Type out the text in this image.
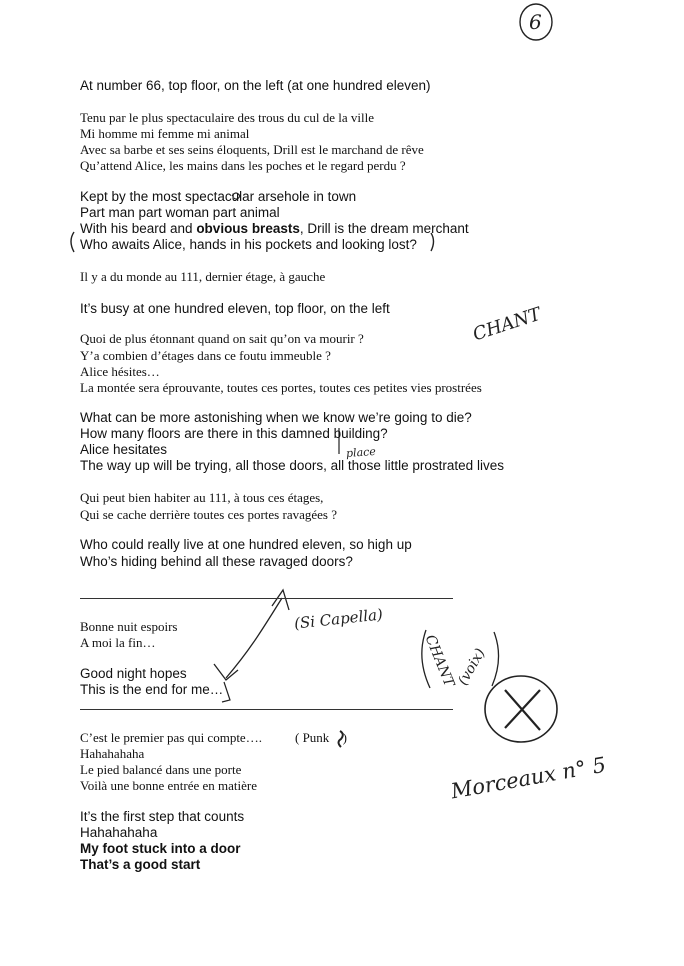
6
At number 66, top floor, on the left (at one hundred eleven)
Tenu par le plus spectaculaire des trous du cul de la ville
Mi homme mi femme mi animal
Avec sa barbe et ses seins éloquents, Drill est le marchand de rêve
Qu’attend Alice, les mains dans les poches et le regard perdu ?
Kept by the most spectacular arsehole in town
Part man part woman part animal
With his beard and obvious breasts, Drill is the dream merchant
Who awaits Alice, hands in his pockets and looking lost?
Il y a du monde au 111, dernier étage, à gauche
It’s busy at one hundred eleven, top floor, on the left
Quoi de plus étonnant quand on sait qu’on va mourir ?
Y’a combien d’étages dans ce foutu immeuble ?
Alice hésites…
La montée sera éprouvante, toutes ces portes, toutes ces petites vies prostrées
What can be more astonishing when we know we’re going to die?
How many floors are there in this damned building?
Alice hesitates
The way up will be trying, all those doors, all those little prostrated lives
Qui peut bien habiter au 111, à tous ces étages,
Qui se cache derrière toutes ces portes ravagées ?
Who could really live at one hundred eleven, so high up
Who’s hiding behind all these ravaged doors?
Bonne nuit espoirs
A moi la fin…
Good night hopes
This is the end for me…
C’est le premier pas qui compte….	( Punk )
Hahahahaha
Le pied balancé dans une porte
Voilà une bonne entrée en matière
It’s the first step that counts
Hahahahaha
My foot stuck into a door
That’s a good start
CHANT
place
(Si Capella)
CHANT
(voix)
Morceaux n° 5
